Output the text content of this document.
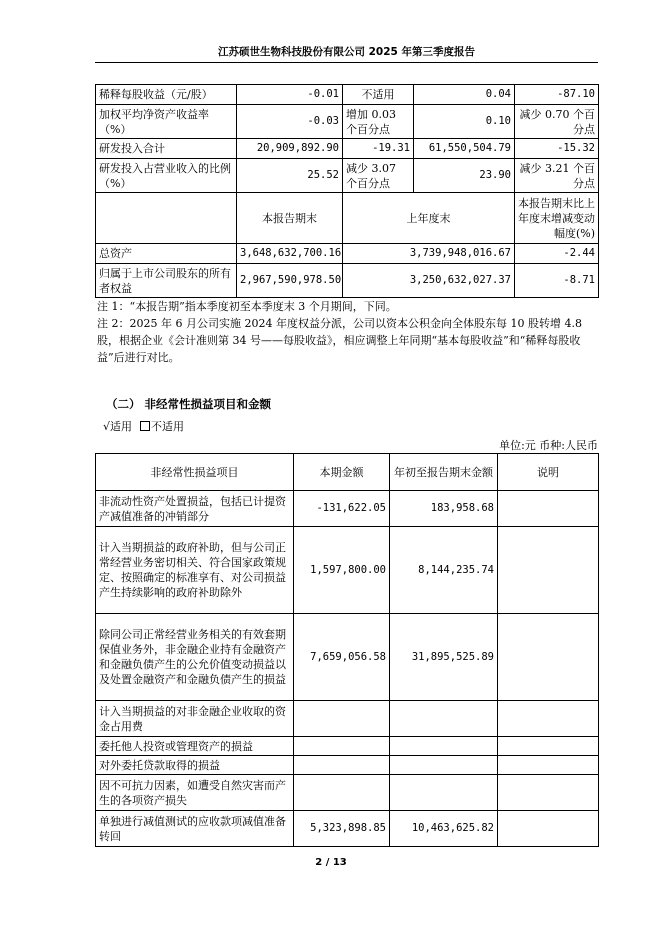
江苏硕世生物科技股份有限公司 2025 年第三季度报告
稀释每股收益（元/股）	-0.01	不适用	0.04	-87.10
加权平均净资产收益率（%）	-0.03	增加 0.03 个百分点	0.10	减少 0.70 个百分点
研发投入合计	20,909,892.90	-19.31	61,550,504.79	-15.32
研发投入占营业收入的比例（%）	25.52	减少 3.07 个百分点	23.90	减少 3.21 个百分点
	本报告期末	上年度末		本报告期末比上年度末增减变动幅度(%)
总资产	3,648,632,700.16	3,739,948,016.67		-2.44
归属于上市公司股东的所有者权益	2,967,590,978.50	3,250,632,027.37		-8.71
注 1：“本报告期”指本季度初至本季度末 3 个月期间，下同。
注 2：2025 年 6 月公司实施 2024 年度权益分派，公司以资本公积金向全体股东每 10 股转增 4.8 股，根据企业《会计准则第 34 号——每股收益》，相应调整上年同期“基本每股收益”和“稀释每股收益”后进行对比。
（二） 非经常性损益项目和金额
√适用 不适用
单位:元 币种:人民币
非经常性损益项目	本期金额	年初至报告期末金额	说明
非流动性资产处置损益，包括已计提资产减值准备的冲销部分	-131,622.05	183,958.68	
计入当期损益的政府补助，但与公司正常经营业务密切相关、符合国家政策规定、按照确定的标准享有、对公司损益产生持续影响的政府补助除外	1,597,800.00	8,144,235.74	
除同公司正常经营业务相关的有效套期保值业务外，非金融企业持有金融资产和金融负债产生的公允价值变动损益以及处置金融资产和金融负债产生的损益	7,659,056.58	31,895,525.89	
计入当期损益的对非金融企业收取的资金占用费			
委托他人投资或管理资产的损益			
对外委托贷款取得的损益			
因不可抗力因素，如遭受自然灾害而产生的各项资产损失			
单独进行减值测试的应收款项减值准备转回	5,323,898.85	10,463,625.82	
2 / 13
